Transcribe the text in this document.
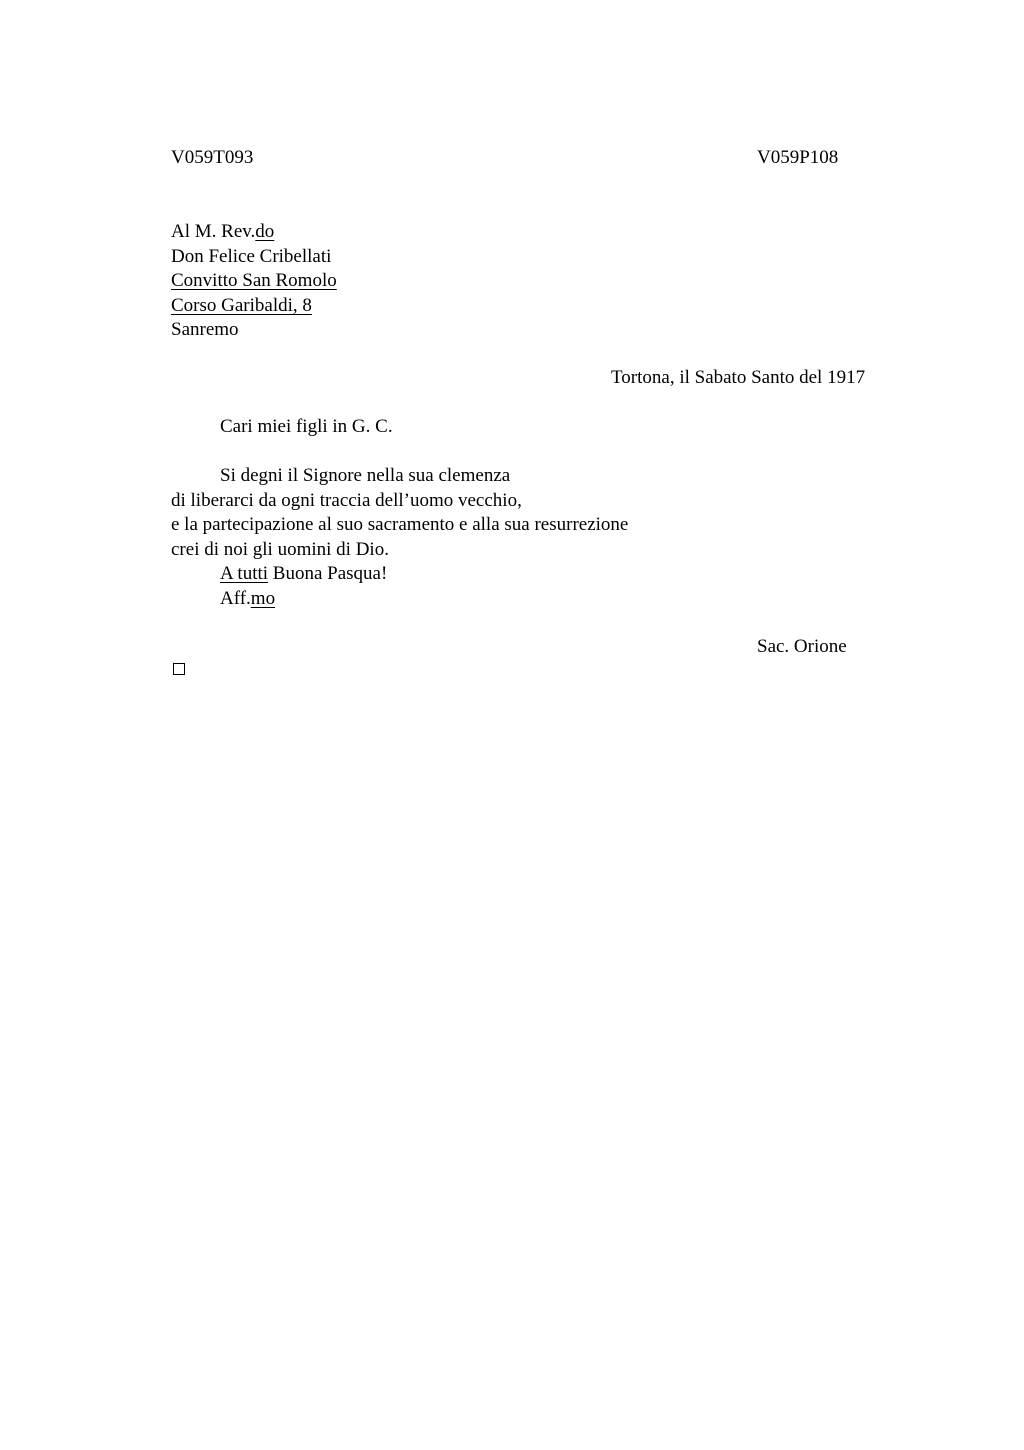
V059T093	V059P108
Al M. Rev.do
Don Felice Cribellati
Convitto San Romolo
Corso Garibaldi, 8
Sanremo
Tortona, il Sabato Santo del 1917
Cari miei figli in G. C.
Si degni il Signore nella sua clemenza
di liberarci da ogni traccia dell’uomo vecchio,
e la partecipazione al suo sacramento e alla sua resurrezione
crei di noi gli uomini di Dio.
A tutti Buona Pasqua!
Aff.mo
Sac. Orione
